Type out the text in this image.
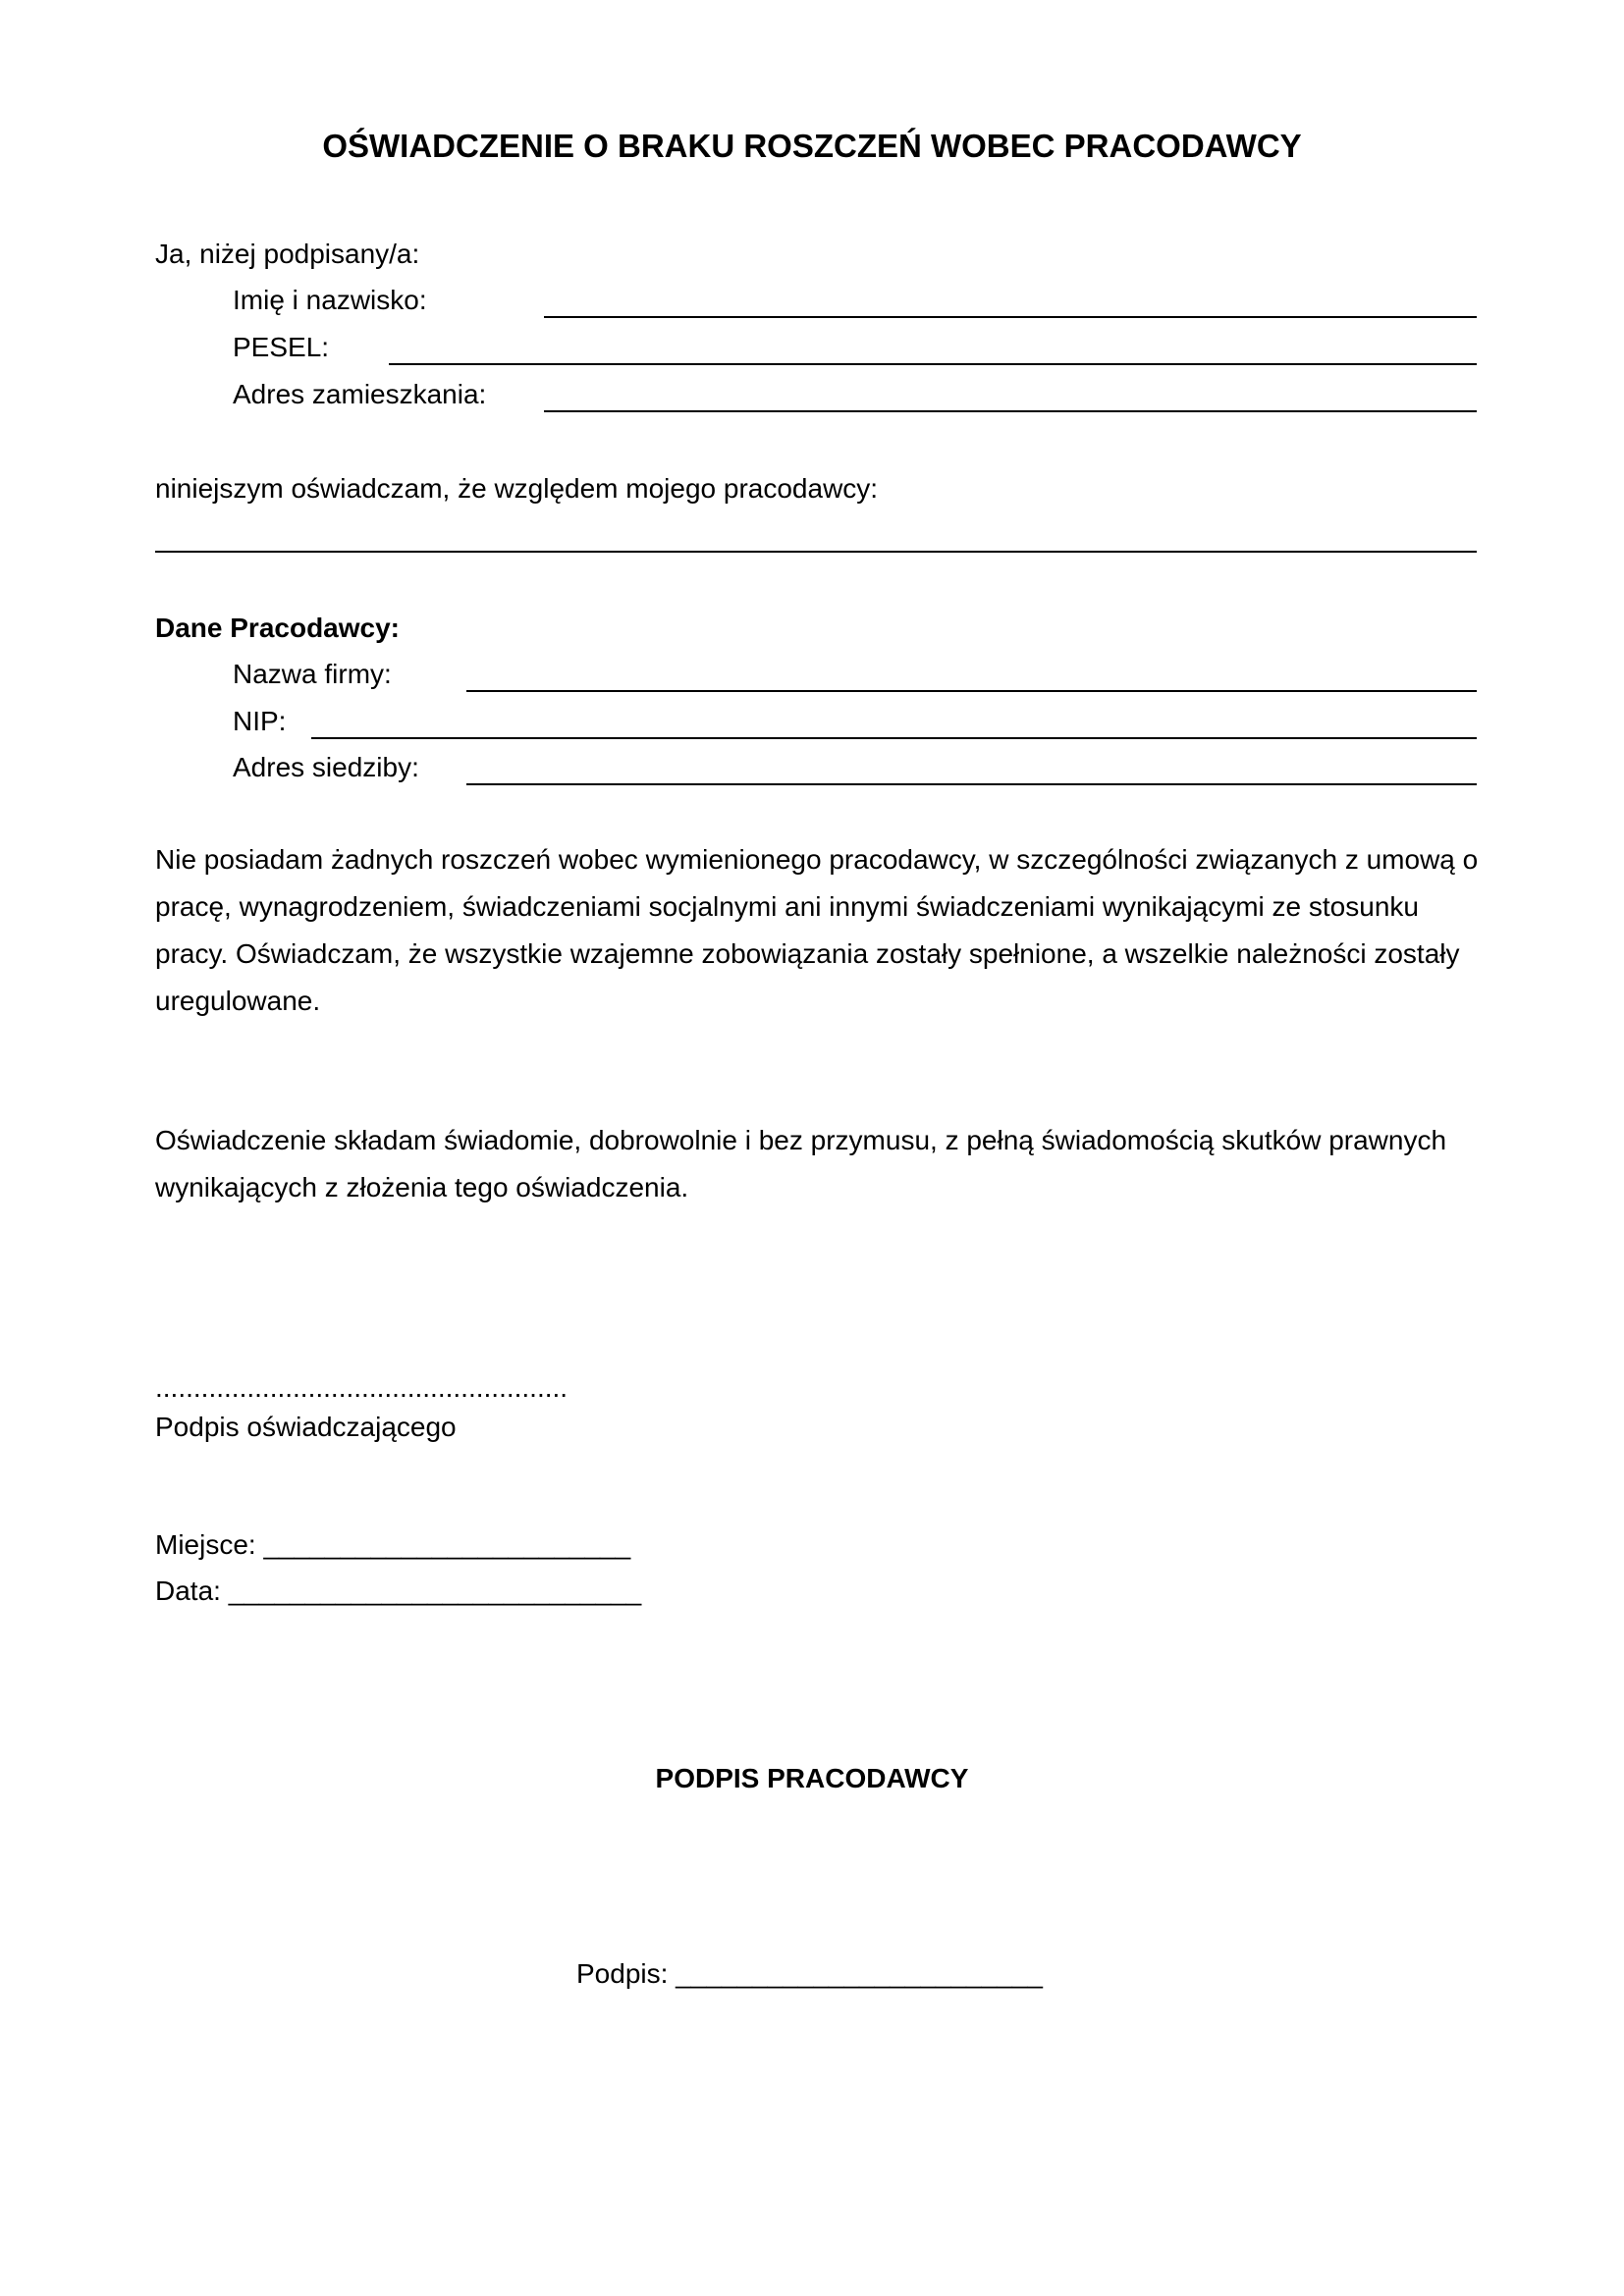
OŚWIADCZENIE O BRAKU ROSZCZEŃ WOBEC PRACODAWCY
Ja, niżej podpisany/a:
Imię i nazwisko:
PESEL:
Adres zamieszkania:
niniejszym oświadczam, że względem mojego pracodawcy:
Dane Pracodawcy:
Nazwa firmy:
NIP:
Adres siedziby:
Nie posiadam żadnych roszczeń wobec wymienionego pracodawcy, w szczególności związanych z umową o pracę, wynagrodzeniem, świadczeniami socjalnymi ani innymi świadczeniami wynikającymi ze stosunku pracy. Oświadczam, że wszystkie wzajemne zobowiązania zostały spełnione, a wszelkie należności zostały uregulowane.
Oświadczenie składam świadomie, dobrowolnie i bez przymusu, z pełną świadomością skutków prawnych wynikających z złożenia tego oświadczenia.
......................................................
Podpis oświadczającego
Miejsce: ________________________
Data: ___________________________
PODPIS PRACODAWCY
Podpis: ________________________
